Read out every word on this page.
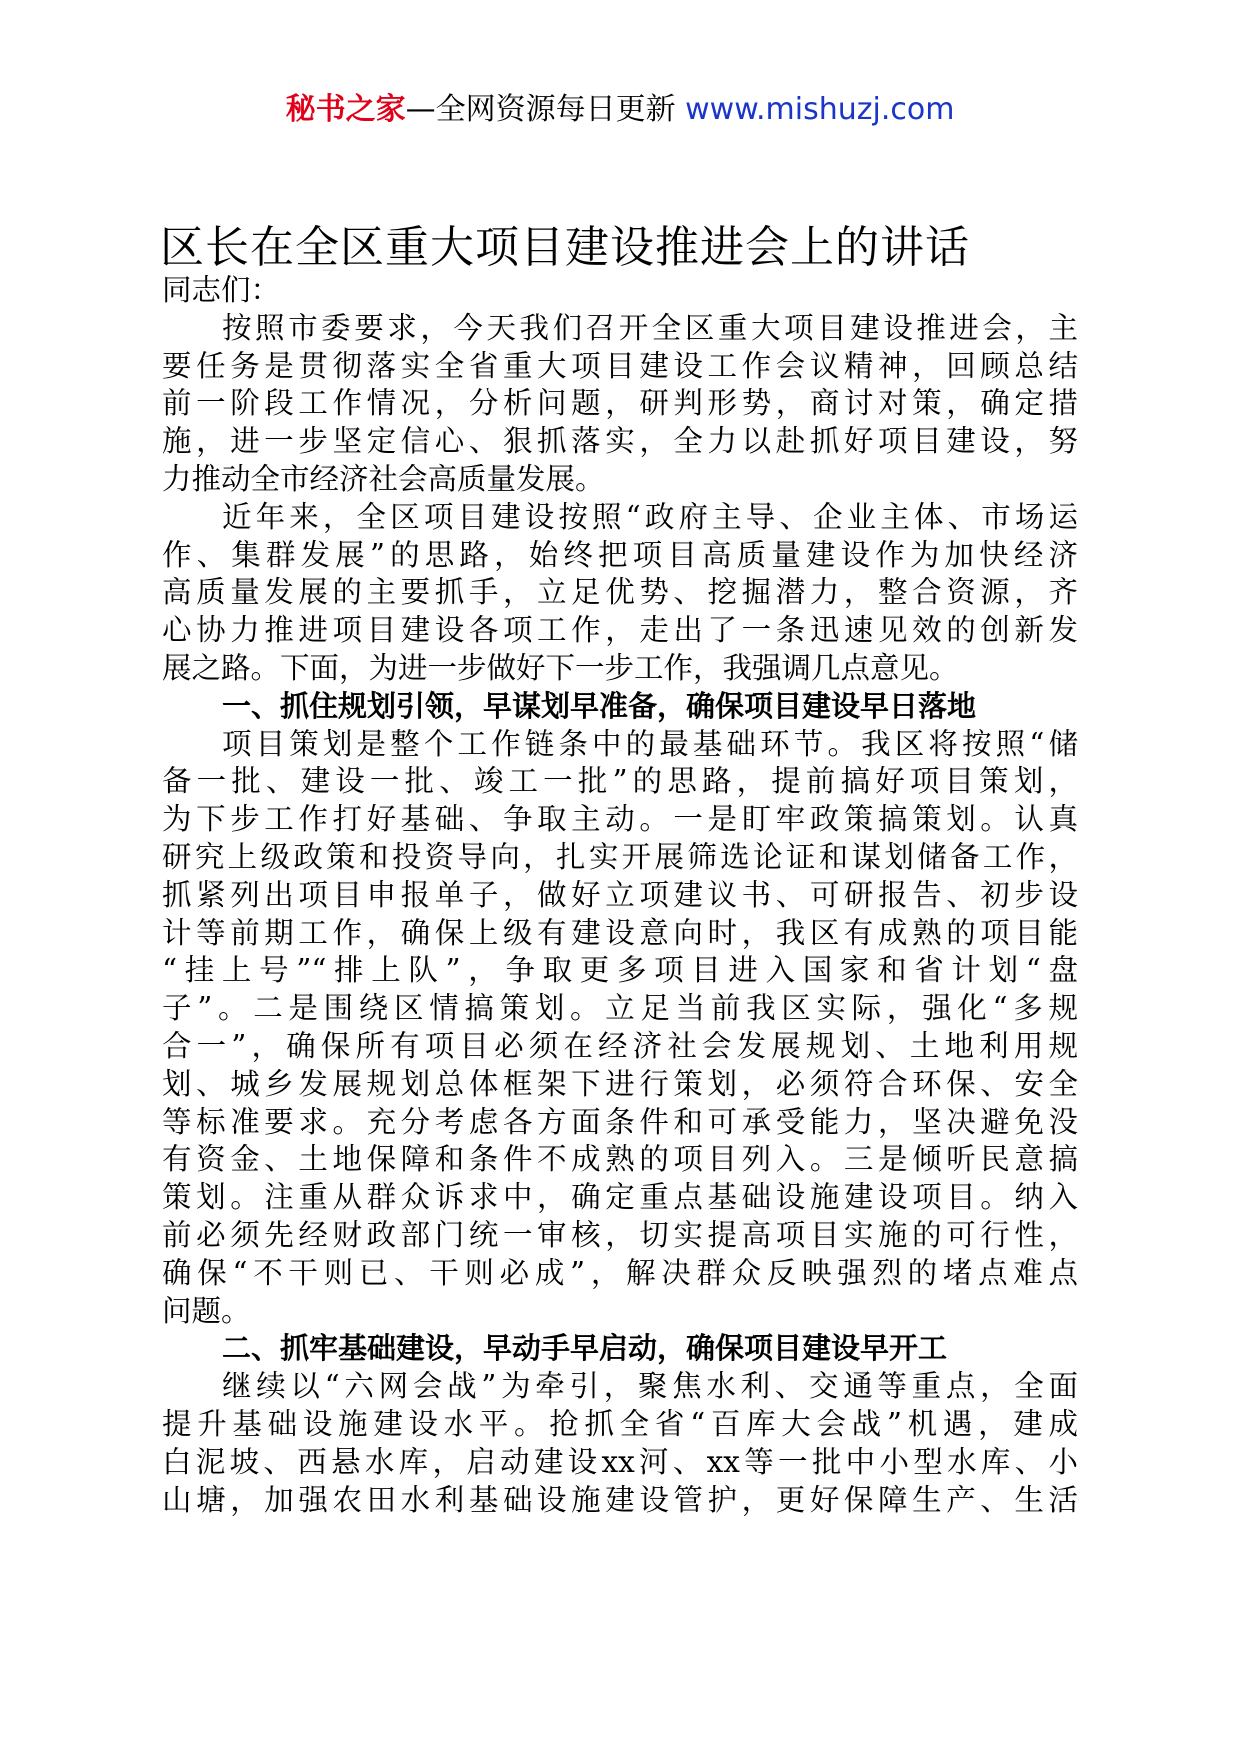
秘书之家—全网资源每日更新 www.mishuzj.com
区长在全区重大项目建设推进会上的讲话
同志们：
按照市委要求，今天我们召开全区重大项目建设推进会，主
要任务是贯彻落实全省重大项目建设工作会议精神，回顾总结
前一阶段工作情况，分析问题，研判形势，商讨对策，确定措
施，进一步坚定信心、狠抓落实，全力以赴抓好项目建设，努
力推动全市经济社会高质量发展。
近年来，全区项目建设按照“政府主导、企业主体、市场运
作、集群发展”的思路，始终把项目高质量建设作为加快经济
高质量发展的主要抓手，立足优势、挖掘潜力，整合资源，齐
心协力推进项目建设各项工作，走出了一条迅速见效的创新发
展之路。下面，为进一步做好下一步工作，我强调几点意见。
一、抓住规划引领，早谋划早准备，确保项目建设早日落地
项目策划是整个工作链条中的最基础环节。我区将按照“储
备一批、建设一批、竣工一批”的思路，提前搞好项目策划，
为下步工作打好基础、争取主动。一是盯牢政策搞策划。认真
研究上级政策和投资导向，扎实开展筛选论证和谋划储备工作，
抓紧列出项目申报单子，做好立项建议书、可研报告、初步设
计等前期工作，确保上级有建设意向时，我区有成熟的项目能
“挂上号”“排上队”，争取更多项目进入国家和省计划“盘
子”。二是围绕区情搞策划。立足当前我区实际，强化“多规
合一”，确保所有项目必须在经济社会发展规划、土地利用规
划、城乡发展规划总体框架下进行策划，必须符合环保、安全
等标准要求。充分考虑各方面条件和可承受能力，坚决避免没
有资金、土地保障和条件不成熟的项目列入。三是倾听民意搞
策划。注重从群众诉求中，确定重点基础设施建设项目。纳入
前必须先经财政部门统一审核，切实提高项目实施的可行性，
确保“不干则已、干则必成”，解决群众反映强烈的堵点难点
问题。
二、抓牢基础建设，早动手早启动，确保项目建设早开工
继续以“六网会战”为牵引，聚焦水利、交通等重点，全面
提升基础设施建设水平。抢抓全省“百库大会战”机遇，建成
白泥坡、西悬水库，启动建设xx河、xx等一批中小型水库、小
山塘，加强农田水利基础设施建设管护，更好保障生产、生活
